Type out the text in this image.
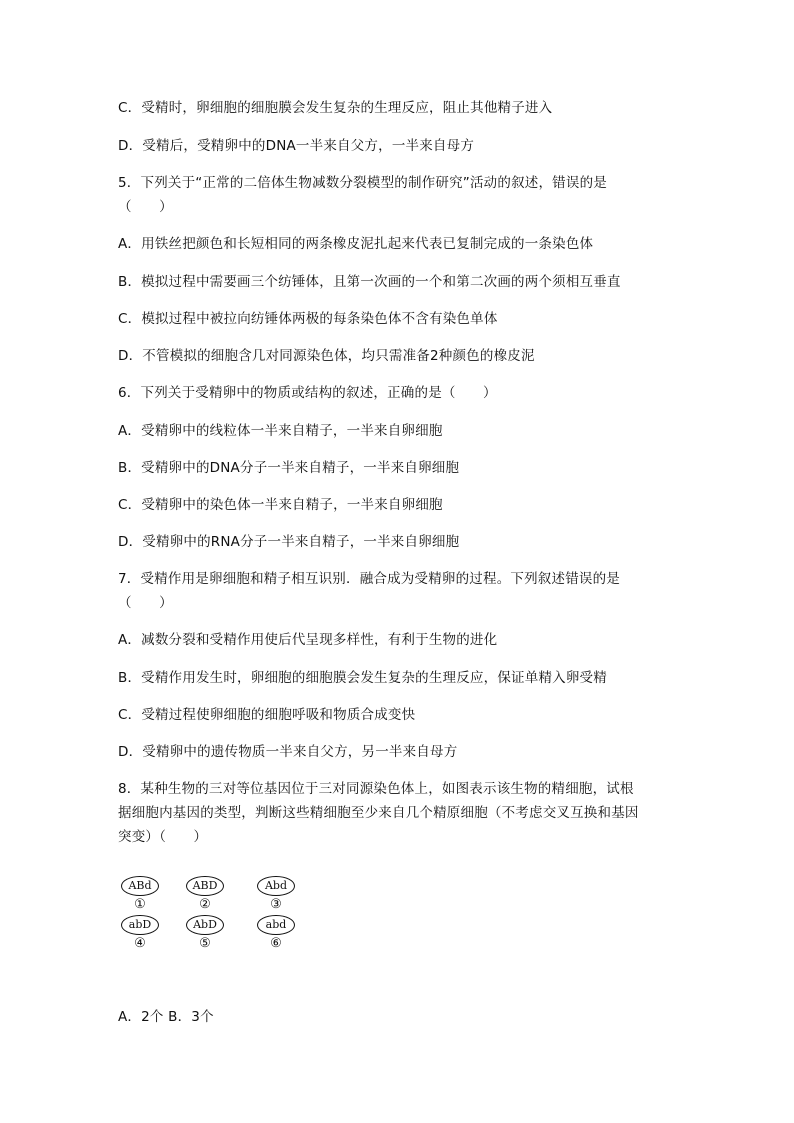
C．受精时，卵细胞的细胞膜会发生复杂的生理反应，阻止其他精子进入
D．受精后，受精卵中的DNA一半来自父方，一半来自母方
5．下列关于“正常的二倍体生物减数分裂模型的制作研究”活动的叙述，错误的是
（　　）
A．用铁丝把颜色和长短相同的两条橡皮泥扎起来代表已复制完成的一条染色体
B．模拟过程中需要画三个纺锤体，且第一次画的一个和第二次画的两个须相互垂直
C．模拟过程中被拉向纺锤体两极的每条染色体不含有染色单体
D．不管模拟的细胞含几对同源染色体，均只需准备2种颜色的橡皮泥
6．下列关于受精卵中的物质或结构的叙述，正确的是（　　）
A．受精卵中的线粒体一半来自精子，一半来自卵细胞
B．受精卵中的DNA分子一半来自精子，一半来自卵细胞
C．受精卵中的染色体一半来自精子，一半来自卵细胞
D．受精卵中的RNA分子一半来自精子，一半来自卵细胞
7．受精作用是卵细胞和精子相互识别．融合成为受精卵的过程。下列叙述错误的是
（　　）
A．减数分裂和受精作用使后代呈现多样性，有利于生物的进化
B．受精作用发生时，卵细胞的细胞膜会发生复杂的生理反应，保证单精入卵受精
C．受精过程使卵细胞的细胞呼吸和物质合成变快
D．受精卵中的遗传物质一半来自父方，另一半来自母方
8．某种生物的三对等位基因位于三对同源染色体上，如图表示该生物的精细胞，试根
据细胞内基因的类型，判断这些精细胞至少来自几个精原细胞（不考虑交叉互换和基因
突变）（　　）
ABd
①
ABD
②
Abd
③
abD
④
AbD
⑤
abd
⑥
A．2个 B．3个
